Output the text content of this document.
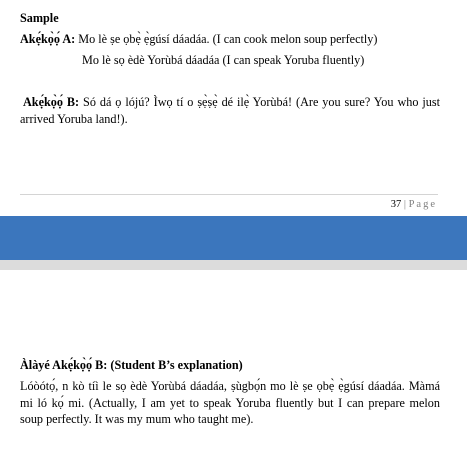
Sample
Akẹ́kọ̀ọ́ A: Mo lè ṣe ọbẹ̀ ẹ̀gúsí dáadáa. (I can cook melon soup perfectly)
Mo lè sọ èdè Yorùbá dáadáa (I can speak Yoruba fluently)
Akẹ́kọ̀ọ́ B: Só dá ọ lójú? Ìwọ tí o ṣẹ̀ṣẹ̀ dé ilẹ̀ Yorùbá! (Are you sure? You who just arrived Yoruba land!).
37 | Page
Àlàyé Akẹ́kọ̀ọ́ B: (Student B’s explanation)
Lóòótọ́, n kò tíì le sọ èdè Yorùbá dáadáa, ṣùgbọ́n mo lè ṣe ọbẹ̀ ẹ̀gúsí dáadáa. Màmá mi ló kọ́ mi. (Actually, I am yet to speak Yoruba fluently but I can prepare melon soup perfectly. It was my mum who taught me).
